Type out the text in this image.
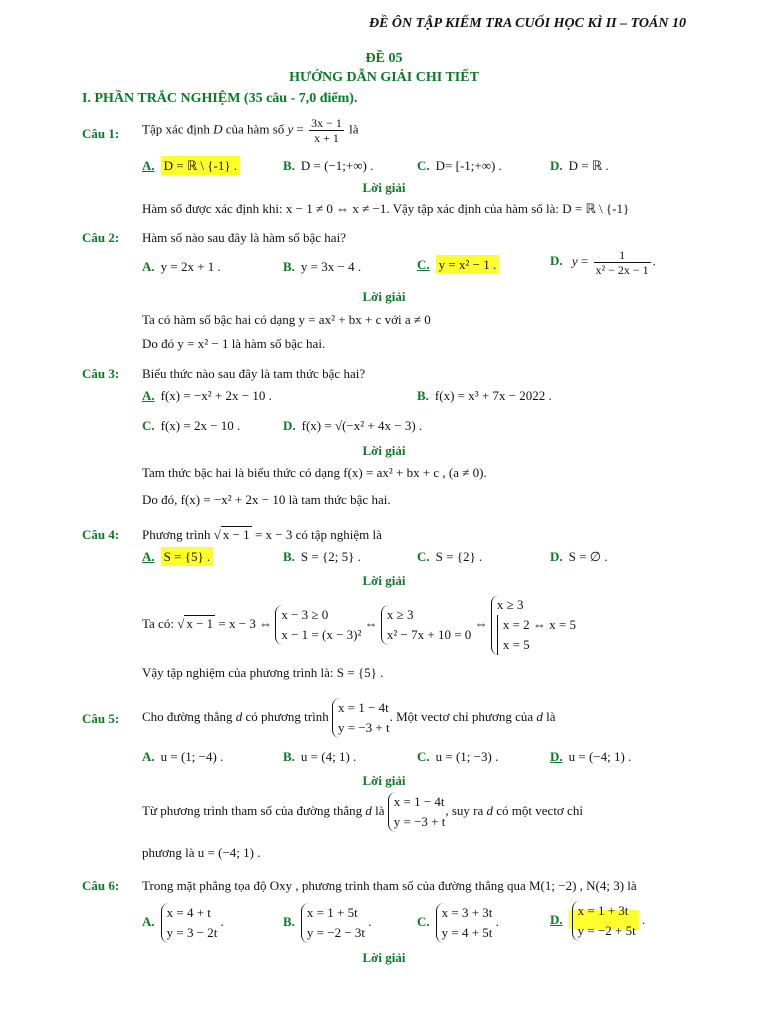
ĐỀ ÔN TẬP KIỂM TRA CUỐI HỌC KÌ II – TOÁN 10
ĐỀ 05
HƯỚNG DẪN GIẢI CHI TIẾT
I. PHẦN TRẮC NGHIỆM (35 câu - 7,0 điểm).
Câu 1: Tập xác định D của hàm số $y = \frac{3x - 1}{x + 1}$ là
A. D = ℝ \ {-1} .	B. D = (−1;+∞) .	C. D= [-1;+∞) .	D. D = ℝ .
Lời giải
Hàm số được xác định khi: x − 1 ≠ 0 ⇔ x ≠ −1. Vậy tập xác định của hàm số là: D = ℝ \ {-1}
Câu 2: Hàm số nào sau đây là hàm số bậc hai?
A. y = 2x + 1 .	B. y = 3x − 4 .	C. y = x² − 1 .	D. $y = \frac{1}{\text{x² − 2x − 1}}$ .
Lời giải
Ta có hàm số bậc hai có dạng y = ax² + bx + c với a ≠ 0
Do đó y = x² − 1 là hàm số bậc hai.
Câu 3: Biểu thức nào sau đây là tam thức bậc hai?
A. f(x) = −x² + 2x − 10 .	B. f(x) = x³ + 7x − 2022 .
C. f(x) = 2x − 10 .	D. f(x) = √(−x² + 4x − 3) .
Lời giải
Tam thức bậc hai là biểu thức có dạng f(x) = ax² + bx + c , (a ≠ 0).
Do đó, f(x) = −x² + 2x − 10 là tam thức bậc hai.
Câu 4: Phương trình √ x − 1 = x − 3 có tập nghiệm là
A. S = {5} .	B. S = {2; 5} .	C. S = {2} .	D. S = ∅ .
Lời giải
Ta có: √ x − 1 = x − 3 ⇔ x − 3 ≥ 0
x − 1 = (x − 3)² ⇔ x ≥ 3
x² − 7x + 10 = 0 ⇔ x ≥ 3
x = 2 ⇔ x = 5
x = 5
Vậy tập nghiệm của phương trình là: S = {5} .
Câu 5: Cho đường thẳng d có phương trình x = 1 − 4t
y = −3 + t. Một vectơ chỉ phương của d là
A. u = (1; −4) .	B. u = (4; 1) .	C. u = (1; −3) .	D. u = (−4; 1) .
Lời giải
Từ phương trình tham số của đường thẳng d là x = 1 − 4t
y = −3 + t, suy ra d có một vectơ chỉ
phương là u = (−4; 1) .
Câu 6: Trong mặt phẳng tọa độ Oxy , phương trình tham số của đường thẳng qua M(1; −2) , N(4; 3) là
A.x = 4 + t
y = 3 − 2t .	B.x = 1 + 5t
y = −2 − 3t .	C.x = 3 + 3t
y = 4 + 5t .	D.x = 1 + 3t
y = −2 + 5t .
Lời giải
